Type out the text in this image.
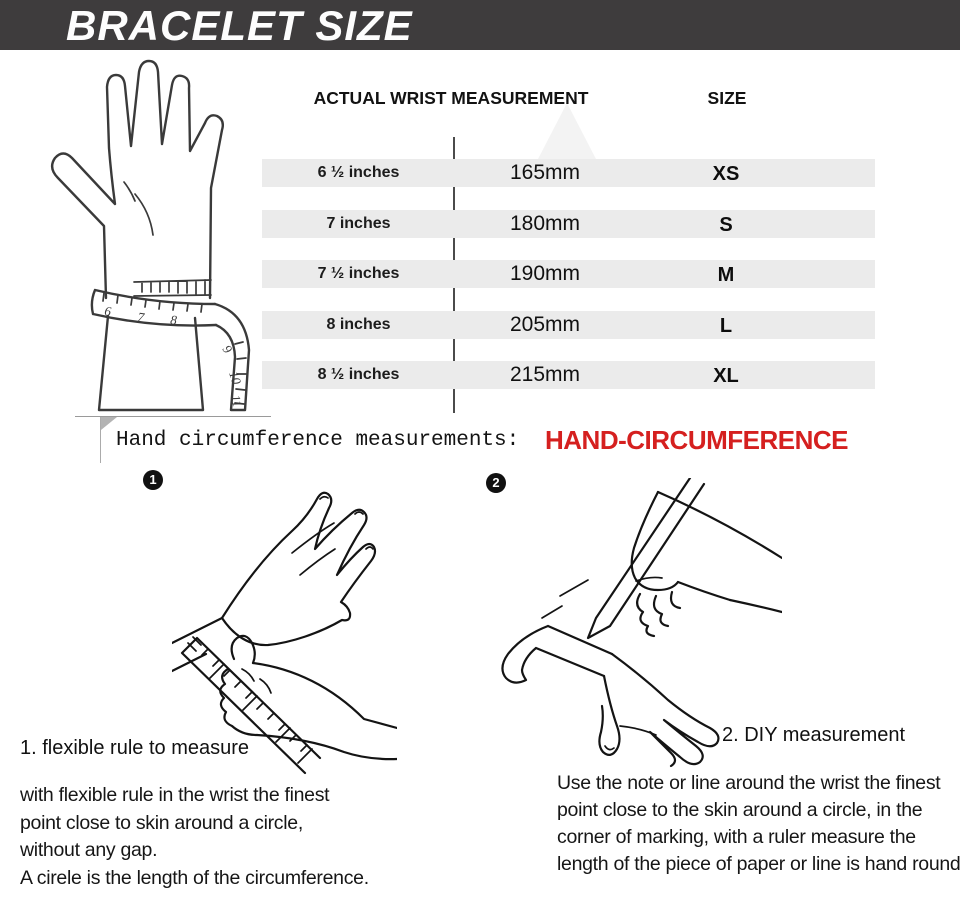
BRACELET SIZE
6 7 8
9
10
11
ACTUAL WRIST MEASUREMENT	SIZE
6 ½ inches	165mm	XS
7 inches	180mm	S
7 ½ inches	190mm	M
8 inches	205mm	L
8 ½ inches	215mm	XL
Hand circumference measurements: HAND-CIRCUMFERENCE
1	2
1. flexible rule to measure
with flexible rule in the wrist the finest
point close to skin around a circle,
without any gap.
A cirele is the length of the circumference.
2. DIY measurement
Use the note or line around the wrist the finest point close to the skin around a circle, in the corner of marking, with a ruler measure the length of the piece of paper or line is hand round
